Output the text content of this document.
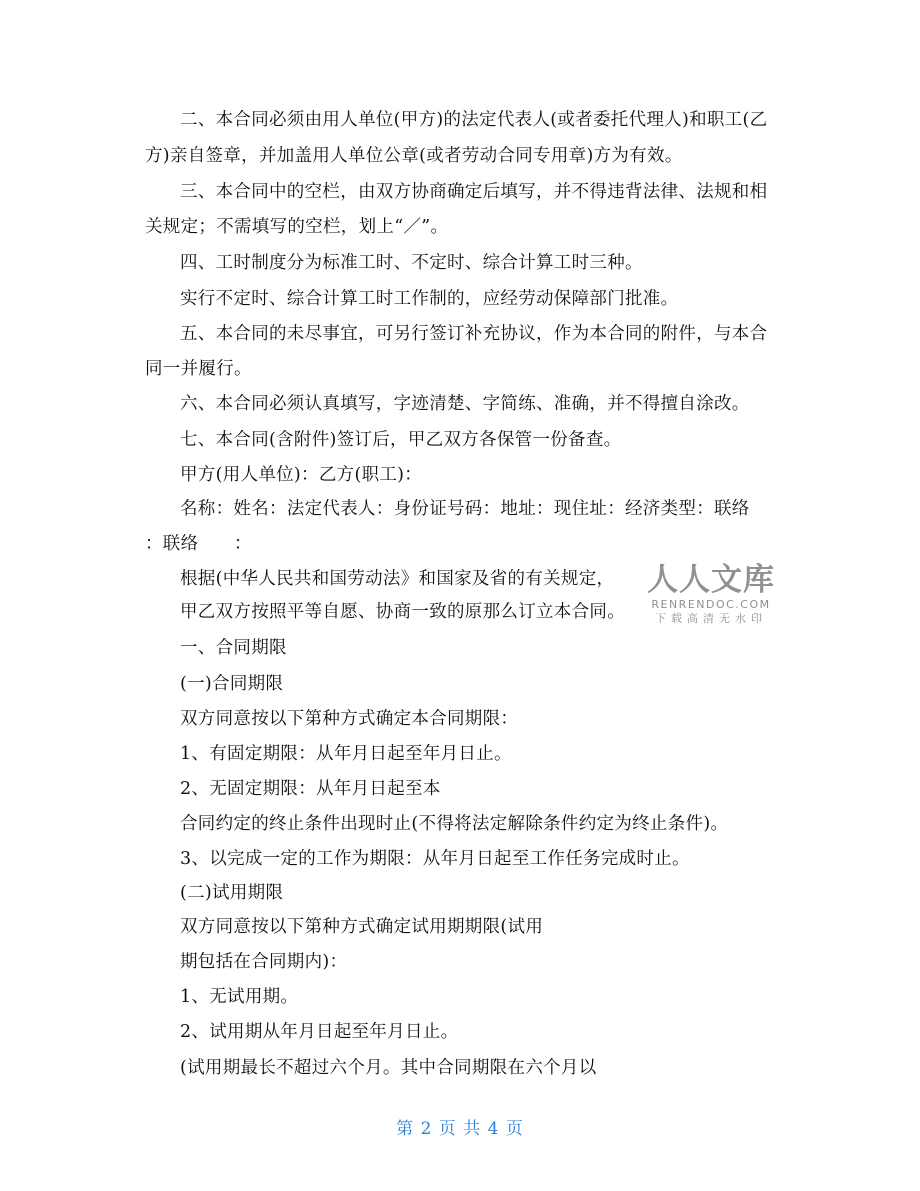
二、本合同必须由用人单位(甲方)的法定代表人(或者委托代理人)和职工(乙
方)亲自签章，并加盖用人单位公章(或者劳动合同专用章)方为有效。
三、本合同中的空栏，由双方协商确定后填写，并不得违背法律、法规和相
关规定；不需填写的空栏，划上“／”。
四、工时制度分为标准工时、不定时、综合计算工时三种。
实行不定时、综合计算工时工作制的，应经劳动保障部门批准。
五、本合同的未尽事宜，可另行签订补充协议，作为本合同的附件，与本合
同一并履行。
六、本合同必须认真填写，字迹清楚、字简练、准确，并不得擅自涂改。
七、本合同(含附件)签订后，甲乙双方各保管一份备查。
甲方(用人单位)：乙方(职工)：
名称：姓名：法定代表人：身份证号码：地址：现住址：经济类型：联络
：联络　　：
根据(中华人民共和国劳动法》和国家及省的有关规定，
甲乙双方按照平等自愿、协商一致的原那么订立本合同。
一、合同期限
(一)合同期限
双方同意按以下第种方式确定本合同期限：
1、有固定期限：从年月日起至年月日止。
2、无固定期限：从年月日起至本
合同约定的终止条件出现时止(不得将法定解除条件约定为终止条件)。
3、以完成一定的工作为期限：从年月日起至工作任务完成时止。
(二)试用期限
双方同意按以下第种方式确定试用期期限(试用
期包括在合同期内)：
1、无试用期。
2、试用期从年月日起至年月日止。
(试用期最长不超过六个月。其中合同期限在六个月以
人人文库
RENRENDOC.COM
下载高清无水印
第 2 页 共 4 页
